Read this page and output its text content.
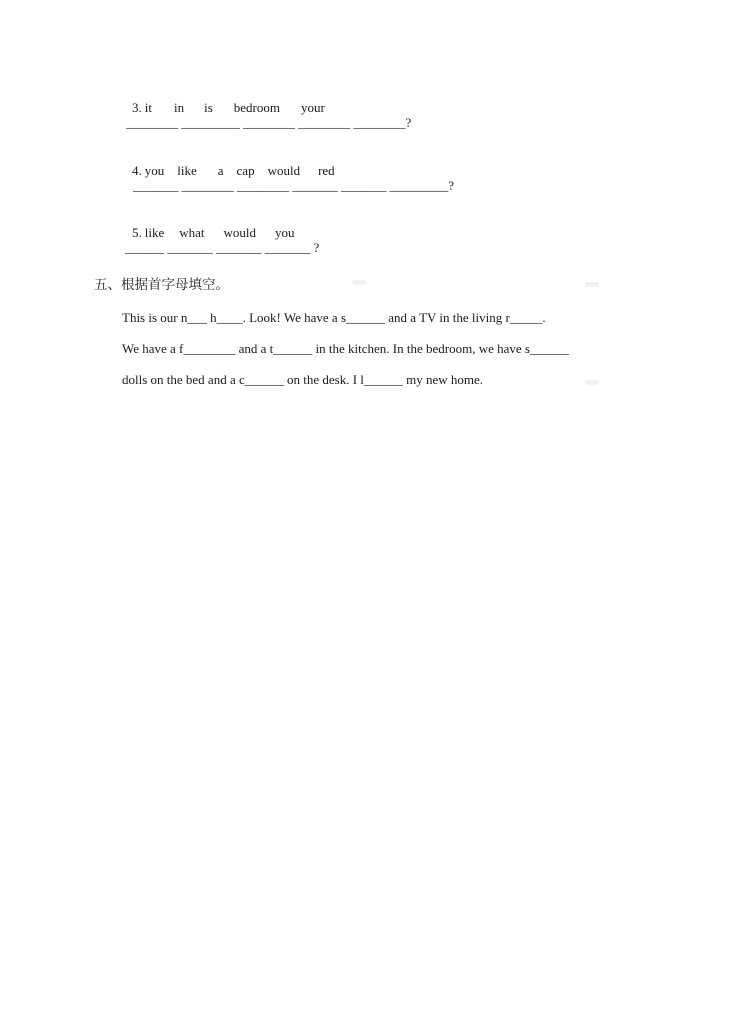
3. it in is bedroom your

________ _________ ________ ________ ________?

4. you like a cap would red

_______ ________ ________ _______ _______ _________?

5. like what would you

______ _______ _______ _______ ?
五、根据首字母填空。
This is our n___ h____. Look! We have a s______ and a TV in the living r_____.
We have a f________ and a t______ in the kitchen. In the bedroom, we have s______
dolls on the bed and a c______ on the desk. I l______ my new home.
